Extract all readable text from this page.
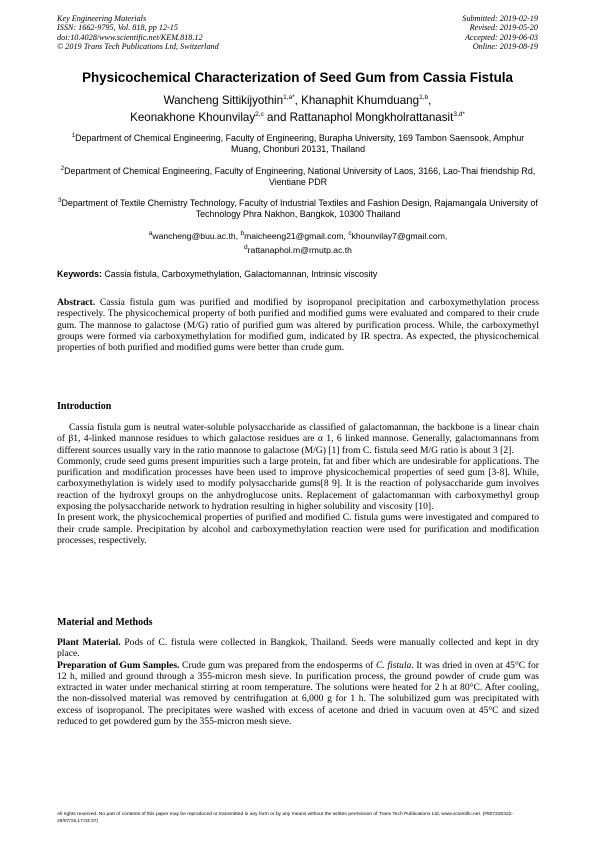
Key Engineering Materials
ISSN: 1662-9795, Vol. 818, pp 12-15
doi:10.4028/www.scientific.net/KEM.818.12
© 2019 Trans Tech Publications Ltd, Switzerland
Submitted: 2019-02-19
Revised: 2019-05-20
Accepted: 2019-06-03
Online: 2019-08-19
Physicochemical Characterization of Seed Gum from Cassia Fistula
Wancheng Sittikijyothin$^{1,a*}$, Khanaphit Khumduang$^{1,b}$,
Keonakhone Khounvilay$^{2,c}$ and Rattanaphol Mongkholrattanasit$^{3,d*}$
$^1$Department of Chemical Engineering, Faculty of Engineering, Burapha University, 169 Tambon Saensook, Amphur Muang, Chonburi 20131, Thailand
$^2$Department of Chemical Engineering, Faculty of Engineering, National University of Laos, 3166, Lao-Thai friendship Rd, Vientiane PDR
$^3$Department of Textile Chemistry Technology, Faculty of Industrial Textiles and Fashion Design, Rajamangala University of Technology Phra Nakhon, Bangkok, 10300 Thailand
$^a$wancheng@buu.ac.th, $^b$maicheeng21@gmail.com, $^c$khounvilay7@gmail.com,
$^d$rattanaphol.m@rmutp.ac.th
Keywords: Cassia fistula, Carboxymethylation, Galactomannan, Intrinsic viscosity

Abstract. Cassia fistula gum was purified and modified by isopropanol precipitation and carboxymethylation process respectively. The physicochemical property of both purified and modified gums were evaluated and compared to their crude gum. The mannose to galactose (M/G) ratio of purified gum was altered by purification process. While, the carboxymethyl groups were formed via carboxymethylation for modified gum, indicated by IR spectra. As expected, the physicochemical properties of both purified and modified gums were better than crude gum.

Introduction

Cassia fistula gum is neutral water-soluble polysaccharide as classified of galactomannan, the backbone is a linear chain of β1, 4-linked mannose residues to which galactose residues are α 1, 6 linked mannose. Generally, galactomannans from different sources usually vary in the ratio mannose to galactose (M/G) [1] from C. fistula seed M/G ratio is about 3 [2].

Commonly, crude seed gums present impurities such a large protein, fat and fiber which are undesirable for applications. The purification and modification processes have been used to improve physicochemical properties of seed gum [3-8]. While, carboxymethylation is widely used to modify polysaccharide gums[8 9]. It is the reaction of polysaccharide gum involves reaction of the hydroxyl groups on the anhydroglucose units. Replacement of galactomannan with carboxymethyl group exposing the polysaccharide network to hydration resulting in higher solubility and viscosity [10].

In present work, the physicochemical properties of purified and modified C. fistula gums were investigated and compared to their crude sample. Precipitation by alcohol and carboxymethylation reaction were used for purification and modification processes, respectively.

Material and Methods

Plant Material. Pods of C. fistula were collected in Bangkok, Thailand. Seeds were manually collected and kept in dry place.

Preparation of Gum Samples. Crude gum was prepared from the endosperms of C. fistula. It was dried in oven at 45°C for 12 h, milled and ground through a 355-micron mesh sieve. In purification process, the ground powder of crude gum was extracted in water under mechanical stirring at room temperature. The solutions were heated for 2 h at 80°C. After cooling, the non-dissolved material was removed by centrifugation at 6,000 g for 1 h. The solubilized gum was precipitated with excess of isopropanol. The precipitates were washed with excess of acetone and dried in vacuum oven at 45°C and sized reduced to get powdered gum by the 355-micron mesh sieve.

All rights reserved. No part of contents of this paper may be reproduced or transmitted in any form or by any means without the written permission of Trans Tech Publications Ltd, www.scientific.net. (#507220422-29/07/19,17:03:37)
